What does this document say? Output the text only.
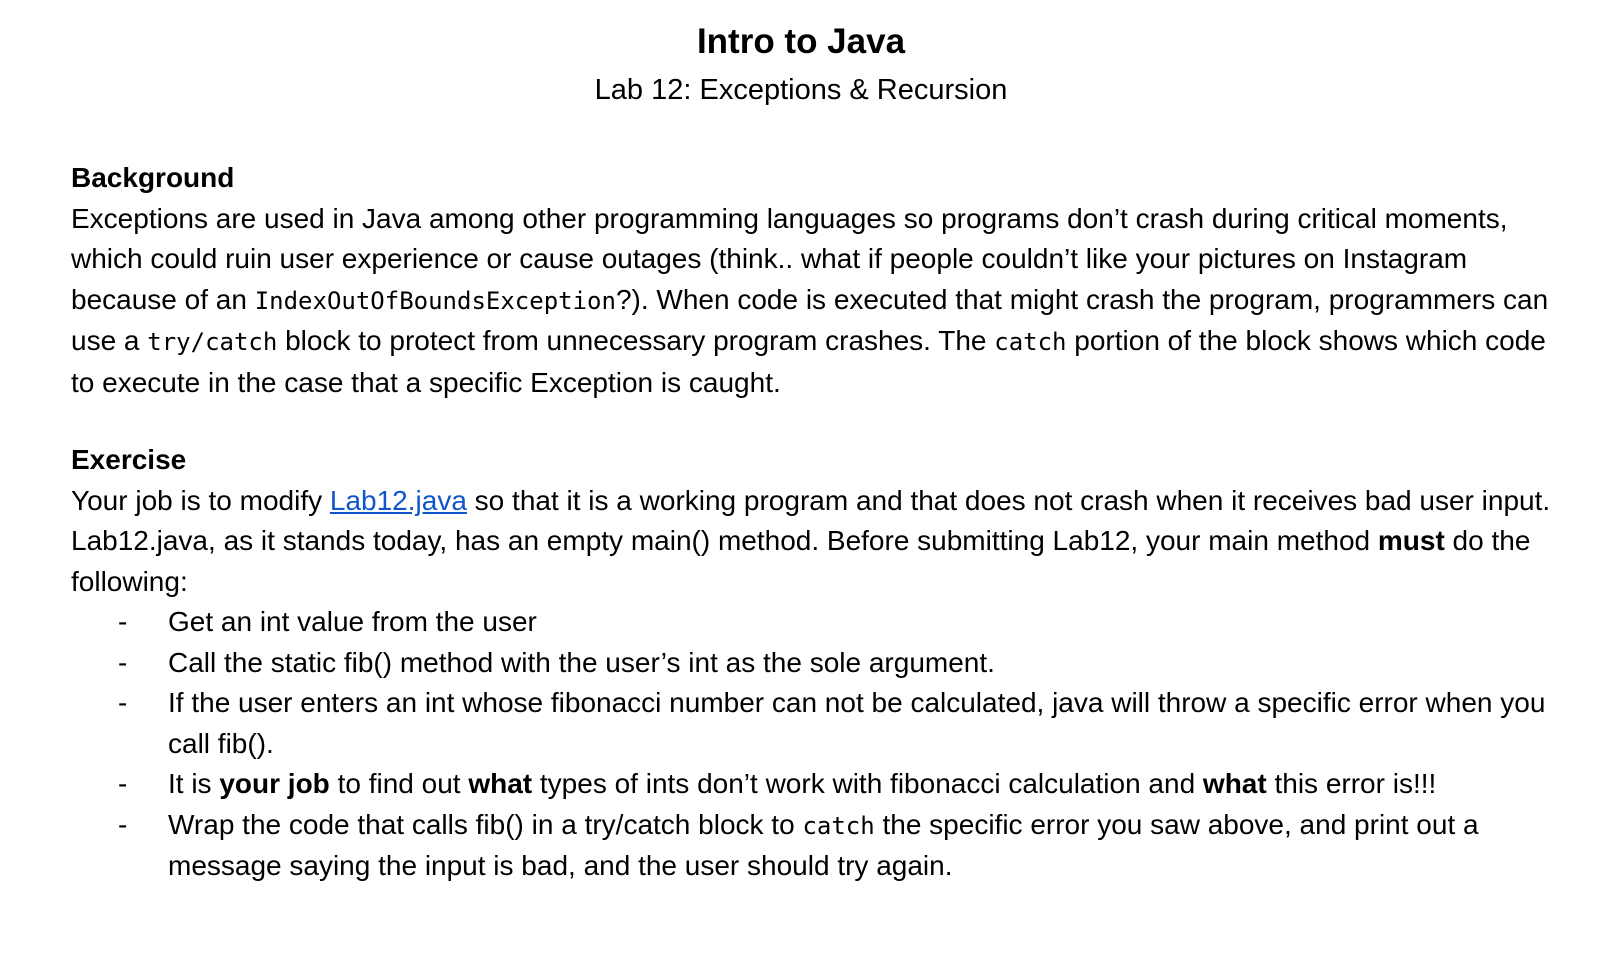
Intro to Java
Lab 12: Exceptions & Recursion
Background

Exceptions are used in Java among other programming languages so programs don’t crash during critical moments, which could ruin user experience or cause outages (think.. what if people couldn’t like your pictures on Instagram because of an IndexOutOfBoundsException?). When code is executed that might crash the program, programmers can use a try/catch block to protect from unnecessary program crashes. The catch portion of the block shows which code to execute in the case that a specific Exception is caught.

Exercise

Your job is to modify Lab12.java so that it is a working program and that does not crash when it receives bad user input. Lab12.java, as it stands today, has an empty main() method. Before submitting Lab12, your main method must do the following:

- Get an int value from the user
- Call the static fib() method with the user’s int as the sole argument.
- If the user enters an int whose fibonacci number can not be calculated, java will throw a specific error when you call fib().
- It is your job to find out what types of ints don’t work with fibonacci calculation and what this error is!!!
- Wrap the code that calls fib() in a try/catch block to catch the specific error you saw above, and print out a message saying the input is bad, and the user should try again.
